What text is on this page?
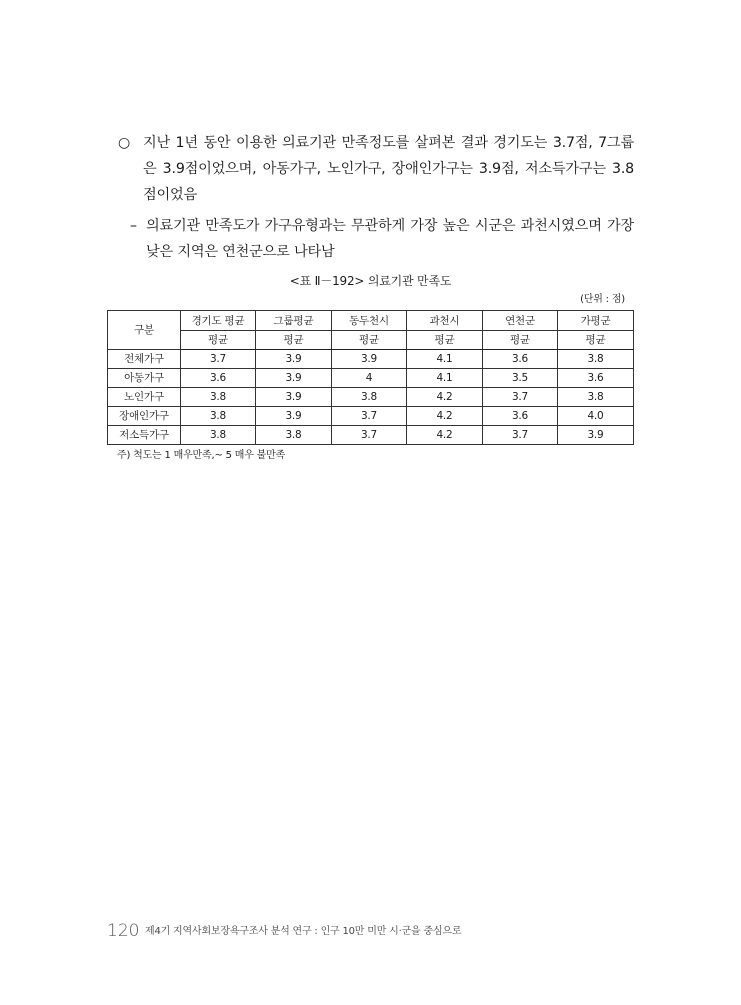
○ 지난 1년 동안 이용한 의료기관 만족정도를 살펴본 결과 경기도는 3.7점, 7그룹
은 3.9점이었으며, 아동가구, 노인가구, 장애인가구는 3.9점, 저소득가구는 3.8
점이었음
– 의료기관 만족도가 가구유형과는 무관하게 가장 높은 시군은 과천시였으며 가장
낮은 지역은 연천군으로 나타남
<표 Ⅱ－192> 의료기관 만족도
(단위 : 점)
구분	경기도 평균	그룹평균	동두천시	과천시	연천군	가평군
	평균	평균	평균	평균	평균	평균
전체가구	3.7	3.9	3.9	4.1	3.6	3.8
아동가구	3.6	3.9	4	4.1	3.5	3.6
노인가구	3.8	3.9	3.8	4.2	3.7	3.8
장애인가구	3.8	3.9	3.7	4.2	3.6	4.0
저소득가구	3.8	3.8	3.7	4.2	3.7	3.9
주) 척도는 1 매우만족,~ 5 매우 불만족
120 제4기 지역사회보장욕구조사 분석 연구 : 인구 10만 미만 시·군을 중심으로
